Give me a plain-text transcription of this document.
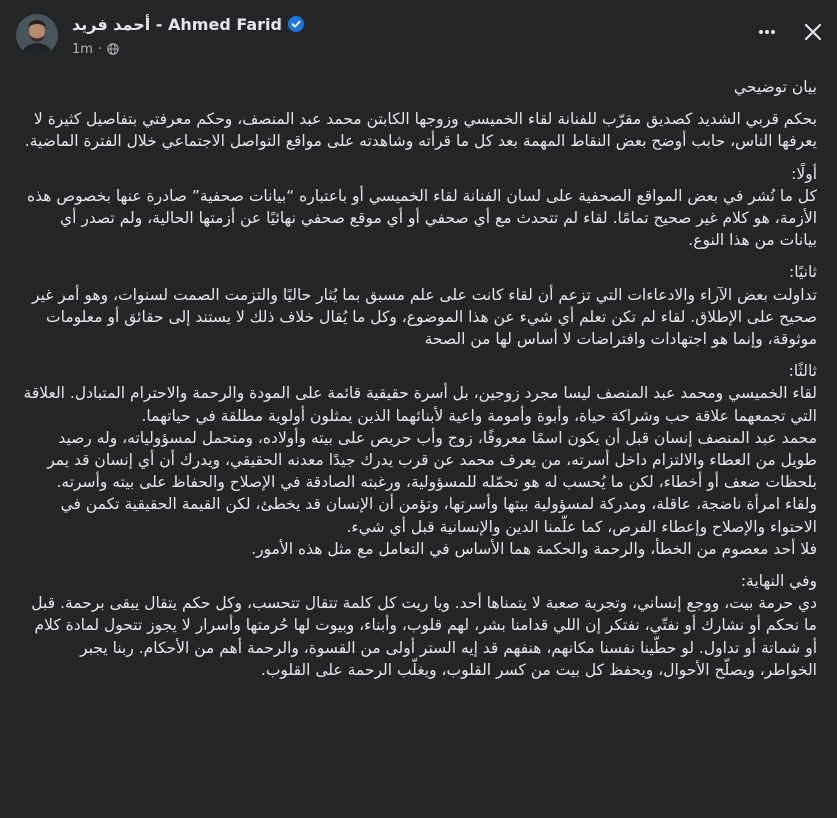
أحمد فريد - Ahmed Farid
1m ·

بيان توضيحي

بحكم قربي الشديد كصديق مقرّب للفنانة لقاء الخميسي وزوجها الكابتن محمد عبد المنصف، وحكم معرفتي بتفاصيل كثيرة لا يعرفها الناس، حابب أوضح بعض النقاط المهمة بعد كل ما قرأته وشاهدته على مواقع التواصل الاجتماعي خلال الفترة الماضية.

أولًا:

كل ما نُشر في بعض المواقع الصحفية على لسان الفنانة لقاء الخميسي أو باعتباره “بيانات صحفية” صادرة عنها بخصوص هذه الأزمة، هو كلام غير صحيح تمامًا. لقاء لم تتحدث مع أي صحفي أو أي موقع صحفي نهائيًا عن أزمتها الحالية، ولم تصدر أي بيانات من هذا النوع.

ثانيًا:

تداولت بعض الآراء والادعاءات التي تزعم أن لقاء كانت على علم مسبق بما يُثار حاليًا والتزمت الصمت لسنوات، وهو أمر غير صحيح على الإطلاق. لقاء لم تكن تعلم أي شيء عن هذا الموضوع، وكل ما يُقال خلاف ذلك لا يستند إلى حقائق أو معلومات موثوقة، وإنما هو اجتهادات وافتراضات لا أساس لها من الصحة

ثالثًا:

لقاء الخميسي ومحمد عبد المنصف ليسا مجرد زوجين، بل أسرة حقيقية قائمة على المودة والرحمة والاحترام المتبادل. العلاقة التي تجمعهما علاقة حب وشراكة حياة، وأبوة وأمومة واعية لأبنائهما الذين يمثلون أولوية مطلقة في حياتهما.

محمد عبد المنصف إنسان قبل أن يكون اسمًا معروفًا، زوج وأب حريص على بيته وأولاده، ومتحمل لمسؤولياته، وله رصيد طويل من العطاء والالتزام داخل أسرته، من يعرف محمد عن قرب يدرك جيدًا معدنه الحقيقي، ويدرك أن أي إنسان قد يمر بلحظات ضعف أو أخطاء، لكن ما يُحسب له هو تحمّله للمسؤولية، ورغبته الصادقة في الإصلاح والحفاظ على بيته وأسرته.

ولقاء امرأة ناضجة، عاقلة، ومدركة لمسؤولية بيتها وأسرتها، وتؤمن أن الإنسان قد يخطئ، لكن القيمة الحقيقية تكمن في الاحتواء والإصلاح وإعطاء الفرص، كما علّمنا الدين والإنسانية قبل أي شيء.

فلا أحد معصوم من الخطأ، والرحمة والحكمة هما الأساس في التعامل مع مثل هذه الأمور.

وفي النهاية:

دي حرمة بيت، ووجع إنساني، وتجربة صعبة لا يتمناها أحد. ويا ريت كل كلمة تتقال تتحسب، وكل حكم يتقال يبقى برحمة. قبل ما نحكم أو نشارك أو نفتّي، نفتكر إن اللي قدامنا بشر، لهم قلوب، وأبناء، وبيوت لها حُرمتها وأسرار لا يجوز تتحول لمادة كلام أو شماتة أو تداول. لو حطّينا نفسنا مكانهم، هنفهم قد إيه الستر أولى من القسوة، والرحمة أهم من الأحكام. ربنا يجبر الخواطر، ويصلّح الأحوال، ويحفظ كل بيت من كسر القلوب، ويغلّب الرحمة على القلوب.
